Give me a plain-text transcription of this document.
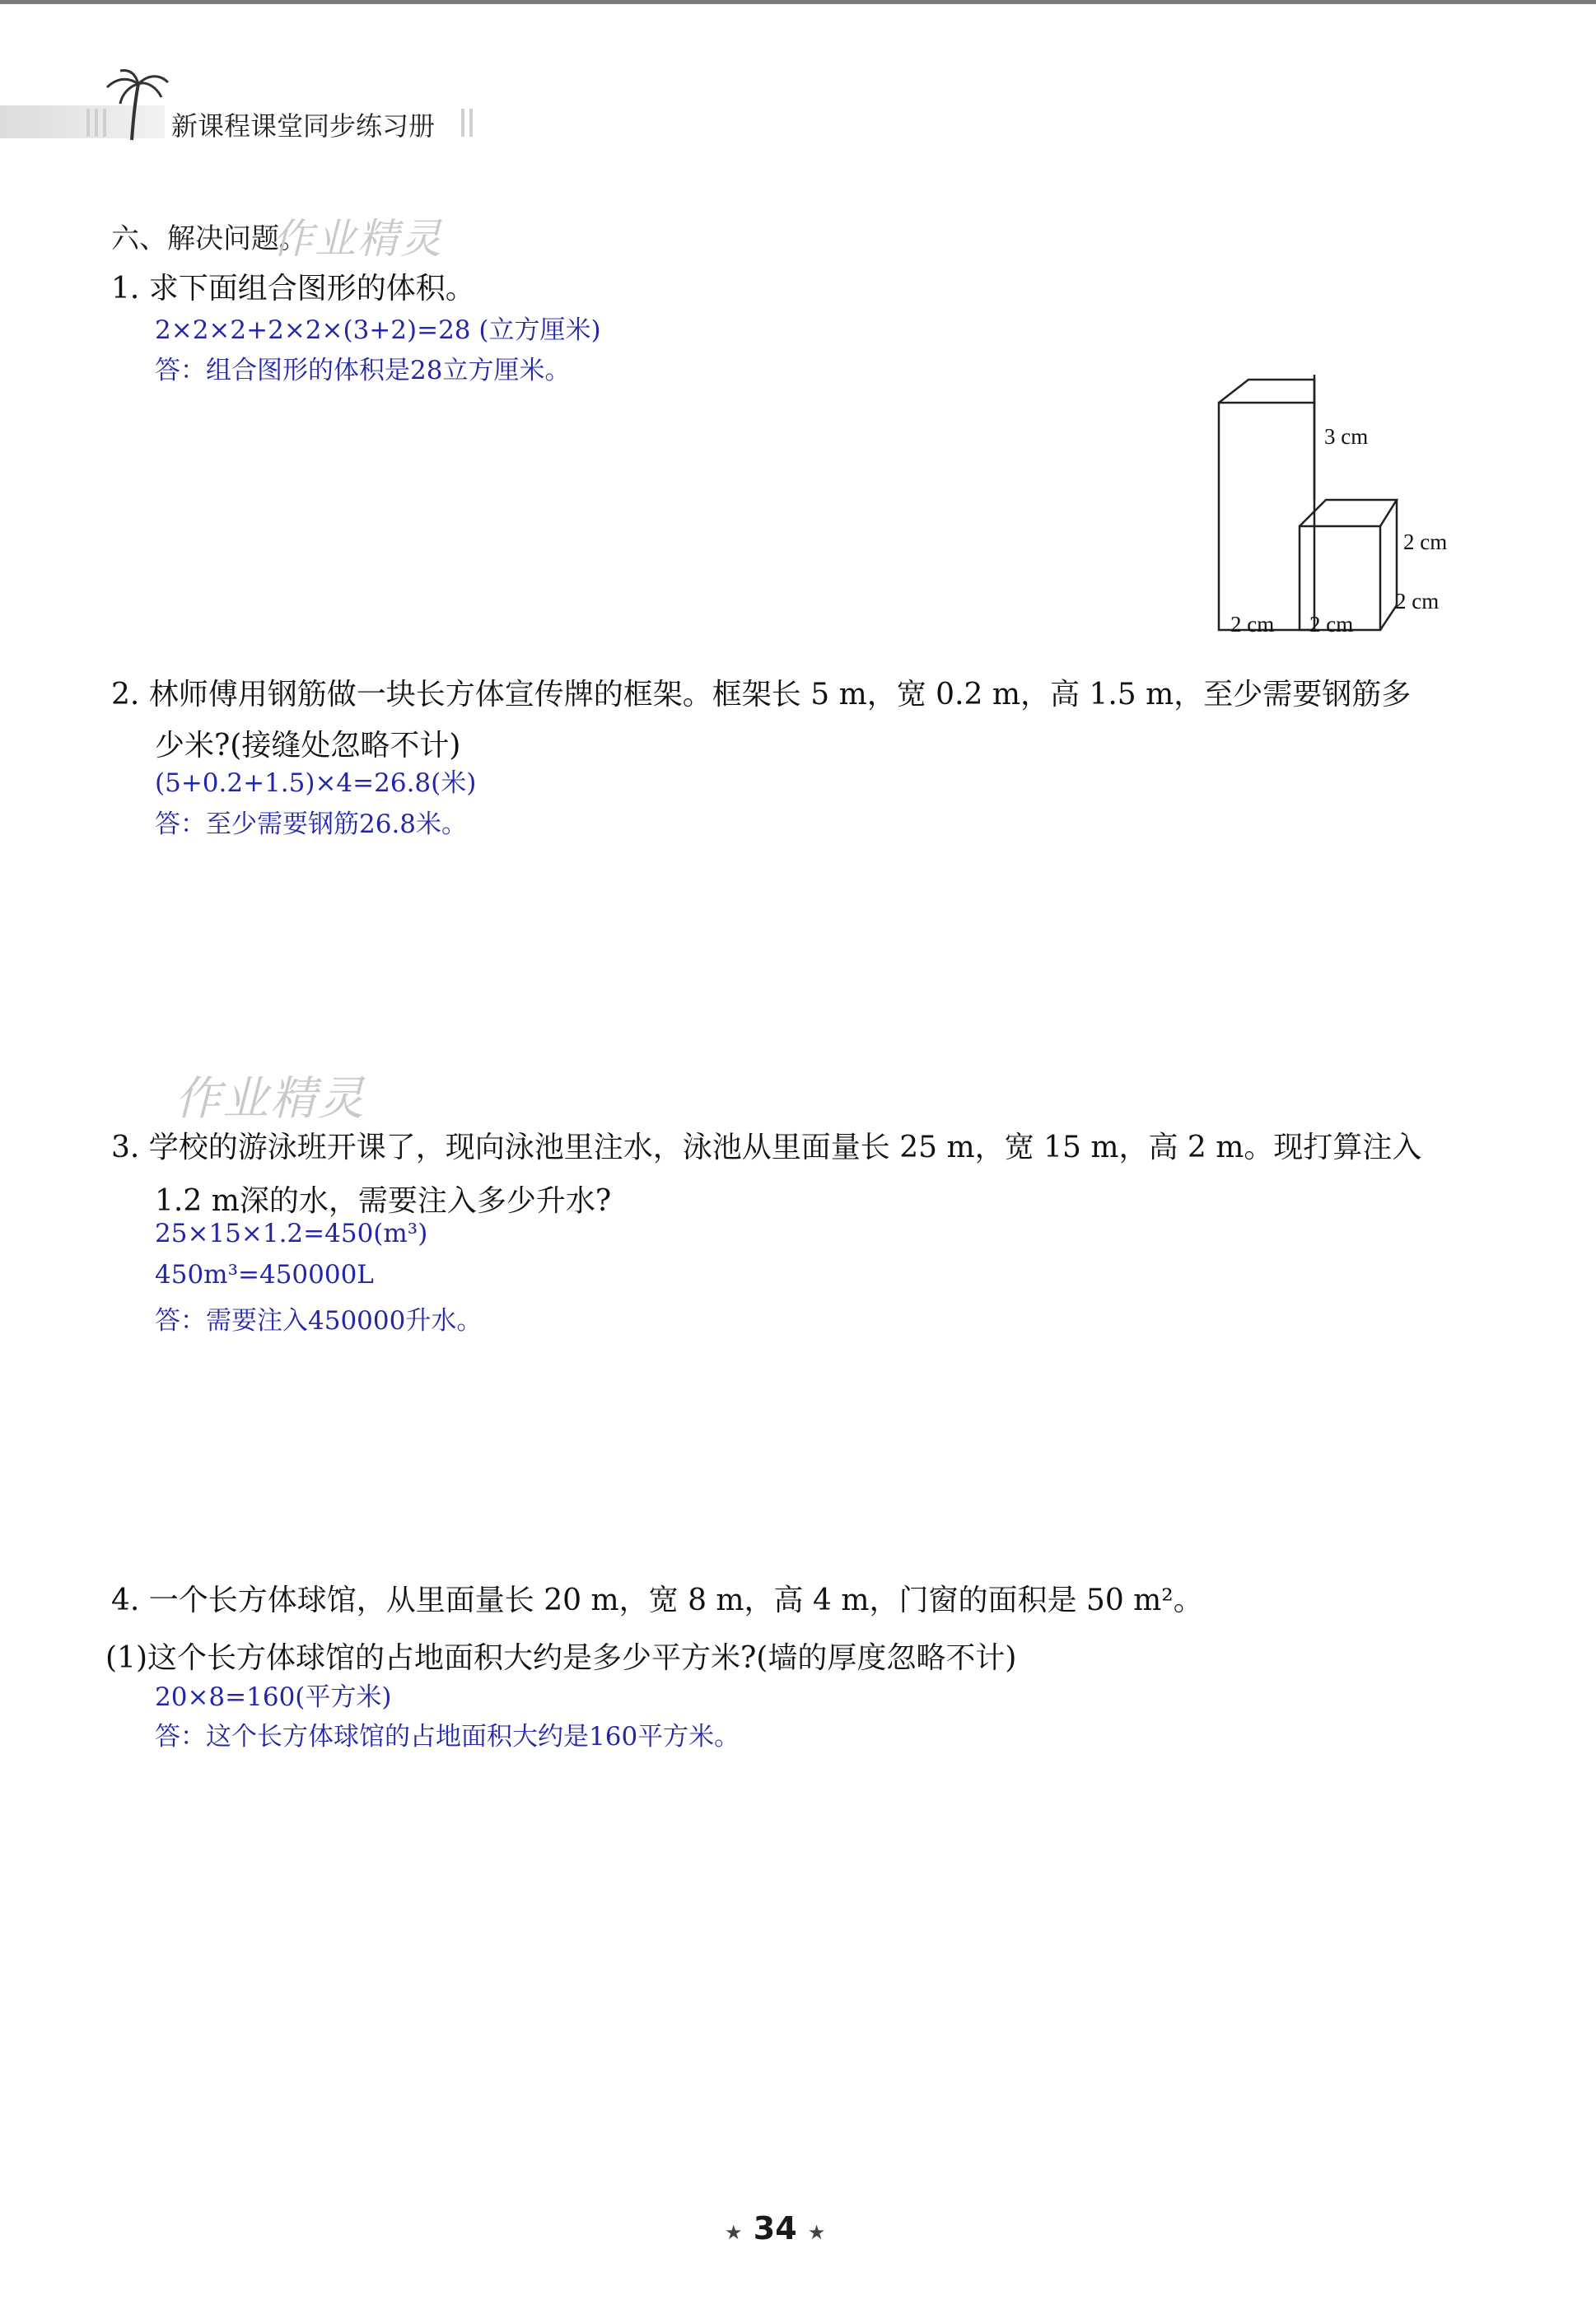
新课程课堂同步练习册
六、解决问题。
作业精灵
1. 求下面组合图形的体积。
2×2×2+2×2×(3+2)=28 (立方厘米)
答：组合图形的体积是28立方厘米。
3 cm
2 cm
2 cm
2 cm 2 cm
2. 林师傅用钢筋做一块长方体宣传牌的框架。框架长 5 m，宽 0.2 m，高 1.5 m，至少需要钢筋多
少米?(接缝处忽略不计)
(5+0.2+1.5)×4=26.8(米)
答：至少需要钢筋26.8米。
作业精灵
3. 学校的游泳班开课了，现向泳池里注水，泳池从里面量长 25 m，宽 15 m，高 2 m。现打算注入
1.2 m深的水，需要注入多少升水?
25×15×1.2=450(m³)
450m³=450000L
答：需要注入450000升水。
4. 一个长方体球馆，从里面量长 20 m，宽 8 m，高 4 m，门窗的面积是 50 m²。
(1)这个长方体球馆的占地面积大约是多少平方米?(墙的厚度忽略不计)
20×8=160(平方米)
答：这个长方体球馆的占地面积大约是160平方米。
★ 34 ★
